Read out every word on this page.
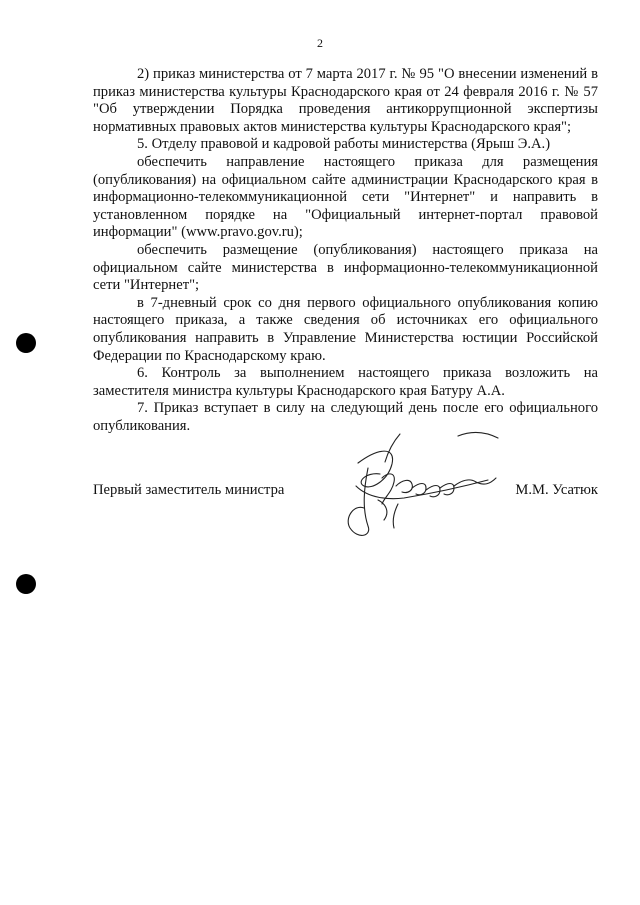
2

2) приказ министерства от 7 марта 2017 г. № 95 "О внесении изменений в приказ министерства культуры Краснодарского края от 24 февраля 2016 г. № 57 "Об утверждении Порядка проведения антикоррупционной экспертизы нормативных правовых актов министерства культуры Краснодарского края";

5. Отделу правовой и кадровой работы министерства (Ярыш Э.А.)

обеспечить направление настоящего приказа для размещения (опубликования) на официальном сайте администрации Краснодарского края в информационно-телекоммуникационной сети "Интернет" и направить в установленном порядке на "Официальный интернет-портал правовой информации" (www.pravo.gov.ru);

обеспечить размещение (опубликования) настоящего приказа на официальном сайте министерства в информационно-телекоммуникационной сети "Интернет";

в 7-дневный срок со дня первого официального опубликования копию настоящего приказа, а также сведения об источниках его официального опубликования направить в Управление Министерства юстиции Российской Федерации по Краснодарскому краю.

6. Контроль за выполнением настоящего приказа возложить на заместителя министра культуры Краснодарского края Батуру А.А.

7. Приказ вступает в силу на следующий день после его официального опубликования.

Первый заместитель министра	М.М. Усатюк
